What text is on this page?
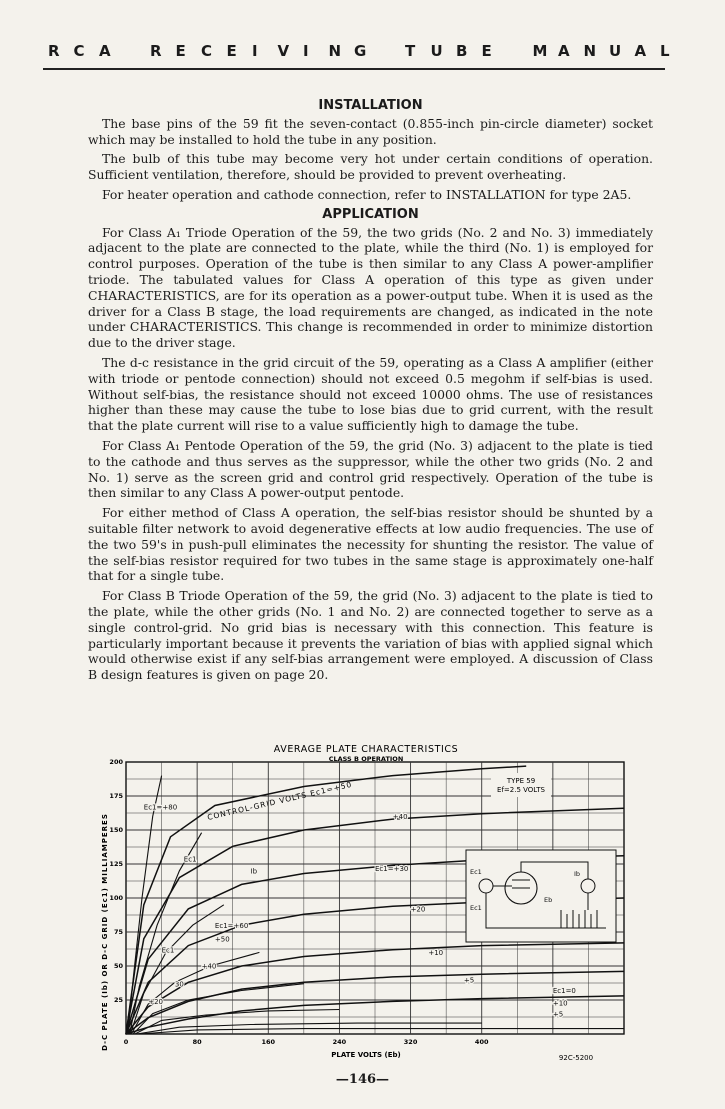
R C A	R E C E I V I N G	T U B E	M A N U A L
INSTALLATION

The base pins of the 59 fit the seven-contact (0.855-inch pin-circle diameter) socket which may be installed to hold the tube in any position.

The bulb of this tube may become very hot under certain conditions of operation. Sufficient ventilation, therefore, should be provided to prevent overheating.

For heater operation and cathode connection, refer to INSTALLATION for type 2A5.

APPLICATION

For Class A₁ Triode Operation of the 59, the two grids (No. 2 and No. 3) immediately adjacent to the plate are connected to the plate, while the third (No. 1) is employed for control purposes. Operation of the tube is then similar to any Class A power-amplifier triode. The tabulated values for Class A operation of this type as given under CHARACTERISTICS, are for its operation as a power-output tube. When it is used as the driver for a Class B stage, the load requirements are changed, as indicated in the note under CHARACTERISTICS. This change is recommended in order to minimize distortion due to the driver stage.

The d-c resistance in the grid circuit of the 59, operating as a Class A amplifier (either with triode or pentode connection) should not exceed 0.5 megohm if self-bias is used. Without self-bias, the resistance should not exceed 10000 ohms. The use of resistances higher than these may cause the tube to lose bias due to grid current, with the result that the plate current will rise to a value sufficiently high to damage the tube.

For Class A₁ Pentode Operation of the 59, the grid (No. 3) adjacent to the plate is tied to the cathode and thus serves as the suppressor, while the other two grids (No. 2 and No. 1) serve as the screen grid and control grid respectively. Operation of the tube is then similar to any Class A power-output pentode.

For either method of Class A operation, the self-bias resistor should be shunted by a suitable filter network to avoid degenerative effects at low audio frequencies. The use of the two 59's in push-pull eliminates the necessity for shunting the resistor. The value of the self-bias resistor required for two tubes in the same stage is approximately one-half that for a single tube.

For Class B Triode Operation of the 59, the grid (No. 3) adjacent to the plate is tied to the plate, while the other grids (No. 1 and No. 2) are connected together to serve as a single control-grid. No grid bias is necessary with this connection. This feature is particularly important because it prevents the variation of bias with applied signal which would otherwise exist if any self-bias arrangement were employed. A discussion of Class B design features is given on page 20.

AVERAGE PLATE CHARACTERISTICS
CLASS B OPERATION
PLATE VOLTS (Eb)
D-C PLATE (Ib) OR D-C GRID (Ec1) MILLIAMPERES
92C-5200
CONTROL-GRID VOLTS Ec1=+50
0	80	160	240	320	400
25
50
75
100
125
150
175
200
Ec1=+80
+40
Ec1=+30
+20
+10
+5
Ec1=0
+10
+5
Ib
Ec1
Ec1=+60
+50
Ec1
+40
30
+20
TYPE 59
Ef=2.5 VOLTS
Ec1	Ib
Eb
Ec1
—146—
